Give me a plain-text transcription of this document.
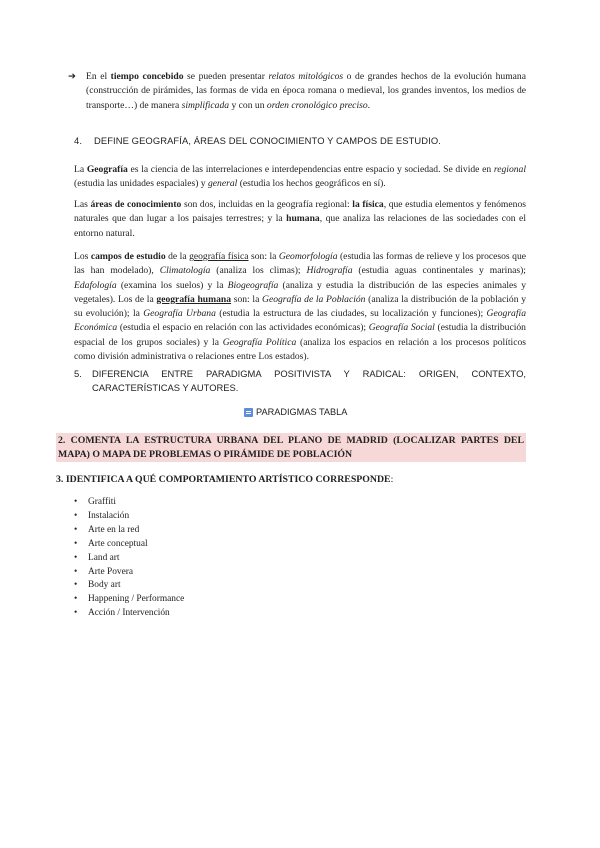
➔	En el tiempo concebido se pueden presentar relatos mitológicos o de grandes hechos de la evolución humana (construcción de pirámides, las formas de vida en época romana o medieval, los grandes inventos, los medios de transporte…) de manera simplificada y con un orden cronológico preciso.
4. DEFINE GEOGRAFÍA, ÁREAS DEL CONOCIMIENTO Y CAMPOS DE ESTUDIO.
La Geografía es la ciencia de las interrelaciones e interdependencias entre espacio y sociedad. Se divide en regional (estudia las unidades espaciales) y general (estudia los hechos geográficos en sí).
Las áreas de conocimiento son dos, incluidas en la geografía regional: la física, que estudia elementos y fenómenos naturales que dan lugar a los paisajes terrestres; y la humana, que analiza las relaciones de las sociedades con el entorno natural.
Los campos de estudio de la geografía física son: la Geomorfología (estudia las formas de relieve y los procesos que las han modelado), Climatología (analiza los climas); Hidrografía (estudia aguas continentales y marinas); Edafología (examina los suelos) y la Biogeografía (analiza y estudia la distribución de las especies animales y vegetales). Los de la geografía humana son: la Geografía de la Población (analiza la distribución de la población y su evolución); la Geografía Urbana (estudia la estructura de las ciudades, su localización y funciones); Geografía Económica (estudia el espacio en relación con las actividades económicas); Geografía Social (estudia la distribución espacial de los grupos sociales) y la Geografía Política (analiza los espacios en relación a los procesos políticos como división administrativa o relaciones entre Los estados).
5.	DIFERENCIA ENTRE PARADIGMA POSITIVISTA Y RADICAL: ORIGEN, CONTEXTO, CARACTERÍSTICAS Y AUTORES.
PARADIGMAS TABLA
2. COMENTA LA ESTRUCTURA URBANA DEL PLANO DE MADRID (LOCALIZAR PARTES DEL MAPA) O MAPA DE PROBLEMAS O PIRÁMIDE DE POBLACIÓN
3. IDENTIFICA A QUÉ COMPORTAMIENTO ARTÍSTICO CORRESPONDE:
•	Graffiti
•	Instalación
•	Arte en la red
•	Arte conceptual
•	Land art
•	Arte Povera
•	Body art
•	Happening / Performance
•	Acción / Intervención
